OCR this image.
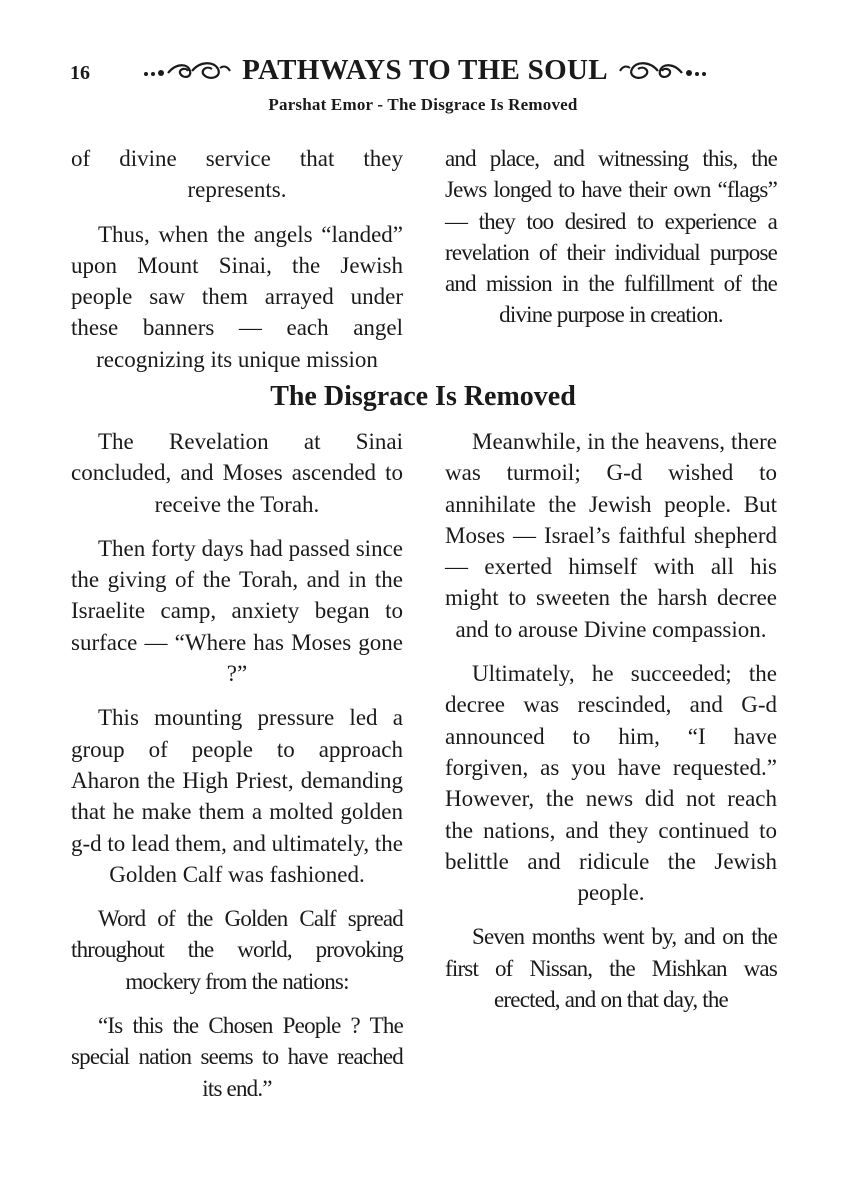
16	PATHWAYS TO THE SOUL
Parshat Emor - The Disgrace Is Removed

of divine service that they represents.

Thus, when the angels “landed” upon Mount Sinai, the Jewish people saw them arrayed under these banners — each angel recognizing its unique mission

and place, and witnessing this, the Jews longed to have their own “flags” — they too desired to experience a revelation of their individual purpose and mission in the fulfillment of the divine purpose in creation.

The Disgrace Is Removed

The Revelation at Sinai concluded, and Moses ascended to receive the Torah.

Then forty days had passed since the giving of the Torah, and in the Israelite camp, anxiety began to surface — “Where has Moses gone ?”

This mounting pressure led a group of people to approach Aharon the High Priest, demanding that he make them a molted golden g-d to lead them, and ultimately, the Golden Calf was fashioned.

Word of the Golden Calf spread throughout the world, provoking mockery from the nations:

“Is this the Chosen People ? The special nation seems to have reached its end.”

Meanwhile, in the heavens, there was turmoil; G-d wished to annihilate the Jewish people. But Moses — Israel’s faithful shepherd — exerted himself with all his might to sweeten the harsh decree and to arouse Divine compassion.

Ultimately, he succeeded; the decree was rescinded, and G-d announced to him, “I have forgiven, as you have requested.” However, the news did not reach the nations, and they continued to belittle and ridicule the Jewish people.

Seven months went by, and on the first of Nissan, the Mishkan was erected, and on that day, the
